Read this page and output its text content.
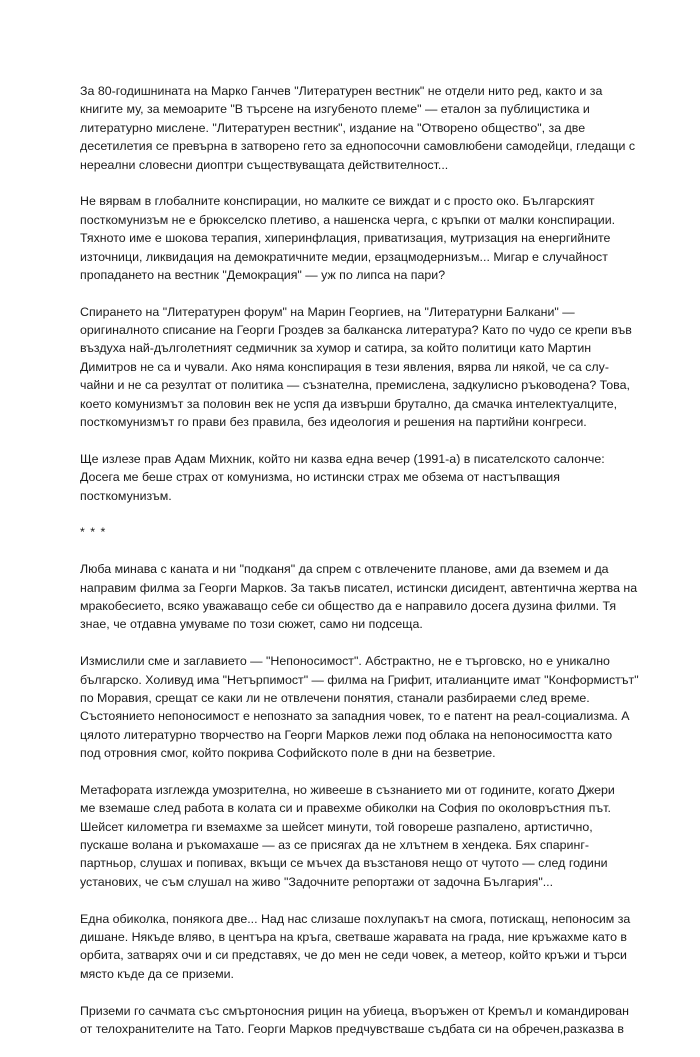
За 80-годишнината на Марко Ганчев "Литературен вестник" не отдели нито ред, както и за
книгите му, за мемоарите "В търсене на изгубеното племе" — еталон за публицистика и
литературно мислене. "Литературен вестник", издание на "Отворено общество", за две
десетилетия се превърна в затворено гето за еднопосочни самовлюбени самодейци, гледащи с
нереални словесни диоптри съществуващата действителност...
Не вярвам в глобалните конспирации, но малките се виждат и с просто око. Българският
посткомунизъм не е брюкселско плетиво, а нашенска черга, с кръпки от малки конспирации.
Тяхното име е шокова терапия, хиперинфлация, приватизация, мутризация на енергийните
източници, ликвидация на демократичните медии, ерзацмодернизъм... Мигар е случайност
пропадането на вестник "Демокрация" — уж по липса на пари?
Спирането на "Литературен форум" на Марин Георгиев, на "Литературни Балкани" —
оригиналното списание на Георги Гроздев за балканска литература? Като по чудо се крепи във
въздуха най-дълголетният седмичник за хумор и сатира, за който политици като Мартин
Димитров не са и чували. Ако няма конспирация в тези явления, вярва ли някой, че са слу-
чайни и не са резултат от политика — съзнателна, премислена, задкулисно ръководена? Това,
което комунизмът за половин век не успя да извърши брутално, да смачка интелектуалците,
посткомунизмът го прави без правила, без идеология и решения на партийни конгреси.
Ще излезе прав Адам Михник, който ни казва една вечер (1991-а) в писателското салонче:
Досега ме беше страх от комунизма, но истински страх ме обзема от настъпващия
посткомунизъм.
* * *
Люба минава с каната и ни "подканя" да спрем с отвлечените планове, ами да вземем и да
направим филма за Георги Марков. За такъв писател, истински дисидент, автентична жертва на
мракобесието, всяко уважаващо себе си общество да е направило досега дузина филми. Тя
знае, че отдавна умуваме по този сюжет, само ни подсеща.
Измислили сме и заглавието — "Непоносимост". Абстрактно, не е търговско, но е уникално
българско. Холивуд има "Нетърпимост" — филма на Грифит, италианците имат "Конформистът"
по Моравия, срещат се каки ли не отвлечени понятия, станали разбираеми след време.
Състоянието непоносимост е непознато за западния човек, то е патент на реал-социализма. А
цялото литературно творчество на Георги Марков лежи под облака на непоносимостта като
под отровния смог, който покрива Софийското поле в дни на безветрие.
Метафората изглежда умозрителна, но живееше в съзнанието ми от годините, когато Джери
ме вземаше след работа в колата си и правехме обиколки на София по околовръстния път.
Шейсет километра ги вземахме за шейсет минути, той говореше разпалено, артистично,
пускаше волана и ръкомахаше — аз се присягах да не хлътнем в хендека. Бях спаринг-
партньор, слушах и попивах, вкъщи се мъчех да възстановя нещо от чутото — след години
установих, че съм слушал на живо "Задочните репортажи от задочна България"...
Една обиколка, понякога две... Над нас слизаше похлупакът на смога, потискащ, непоносим за
дишане. Някъде вляво, в центъра на кръга, светваше жаравата на града, ние кръжахме като в
орбита, затварях очи и си представях, че до мен не седи човек, а метеор, който кръжи и търси
място къде да се приземи.
Приземи го сачмата със смъртоносния рицин на убиеца, въоръжен от Кремъл и командирован
от телохранителите на Тато. Георги Марков предчувстваше съдбата си на обречен,разказва в
